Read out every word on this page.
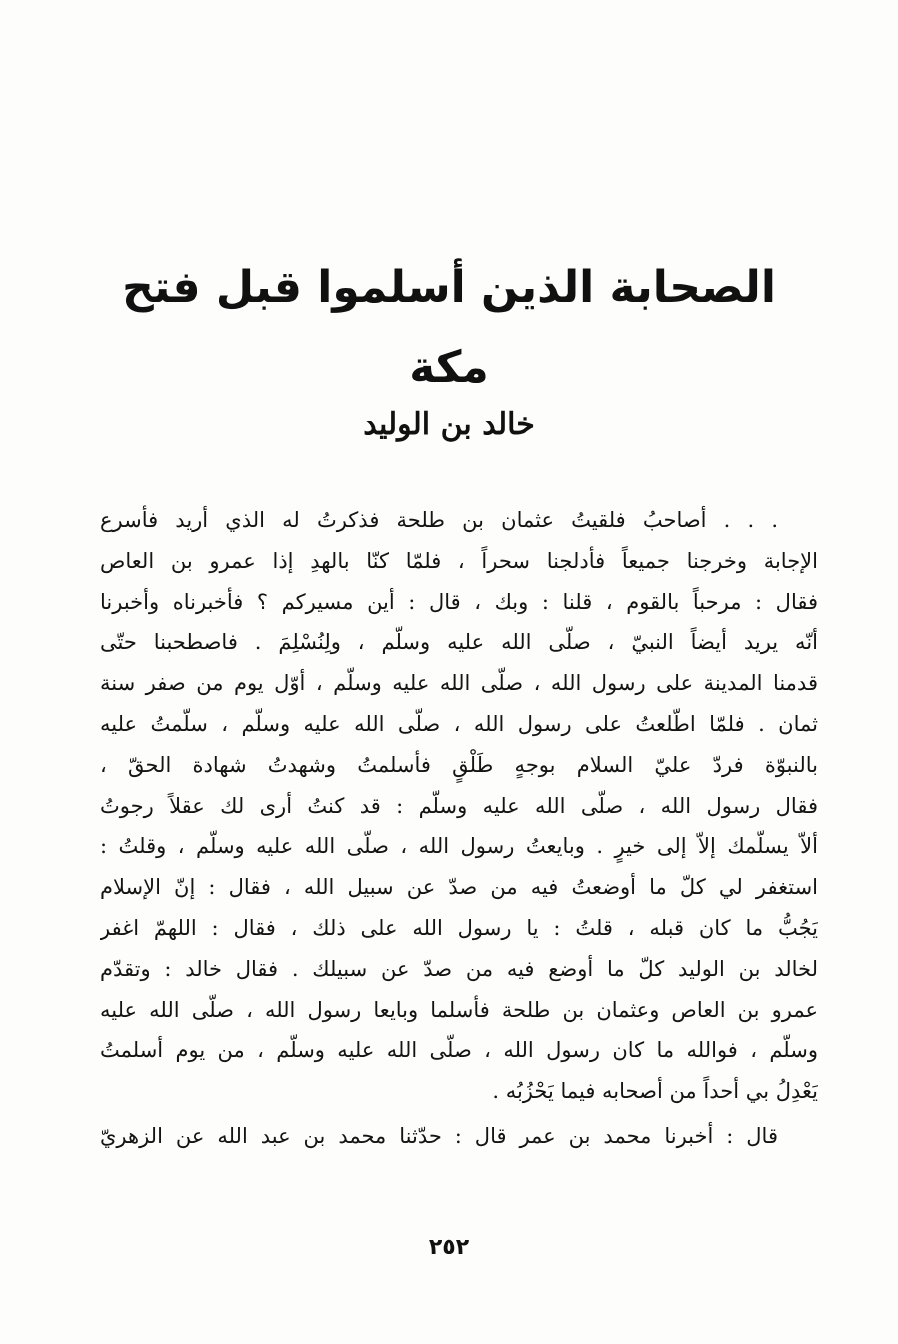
الصحابة الذين أسلموا قبل فتح مكة
خالد بن الوليد
. . . أصاحبُ فلقيتُ عثمان بن طلحة فذكرتُ له الذي أريد فأسرع
الإجابة وخرجنا جميعاً فأدلجنا سحراً ، فلمّا كنّا بالهدِ إذا عمرو بن العاص
فقال : مرحباً بالقوم ، قلنا : وبك ، قال : أين مسيركم ؟ فأخبرناه وأخبرنا
أنّه يريد أيضاً النبيّ ، صلّى الله عليه وسلّم ، ولِنُسْلِمَ . فاصطحبنا حتّى
قدمنا المدينة على رسول الله ، صلّى الله عليه وسلّم ، أوّل يوم من صفر سنة
ثمان . فلمّا اطّلعتُ على رسول الله ، صلّى الله عليه وسلّم ، سلّمتُ عليه
بالنبوّة فردّ عليّ السلام بوجهٍ طَلْقٍ فأسلمتُ وشهدتُ شهادة الحقّ ،
فقال رسول الله ، صلّى الله عليه وسلّم : قد كنتُ أرى لك عقلاً رجوتُ
ألاّ يسلّمك إلاّ إلى خيرٍ . وبايعتُ رسول الله ، صلّى الله عليه وسلّم ، وقلتُ :
استغفر لي كلّ ما أوضعتُ فيه من صدّ عن سبيل الله ، فقال : إنّ الإسلام
يَجُبُّ ما كان قبله ، قلتُ : يا رسول الله على ذلك ، فقال : اللهمّ اغفر
لخالد بن الوليد كلّ ما أوضع فيه من صدّ عن سبيلك . فقال خالد : وتقدّم
عمرو بن العاص وعثمان بن طلحة فأسلما وبايعا رسول الله ، صلّى الله عليه
وسلّم ، فوالله ما كان رسول الله ، صلّى الله عليه وسلّم ، من يوم أسلمتُ
يَعْدِلُ بي أحداً من أصحابه فيما يَحْزُبُه .
قال : أخبرنا محمد بن عمر قال : حدّثنا محمد بن عبد الله عن الزهريّ
٢٥٢
